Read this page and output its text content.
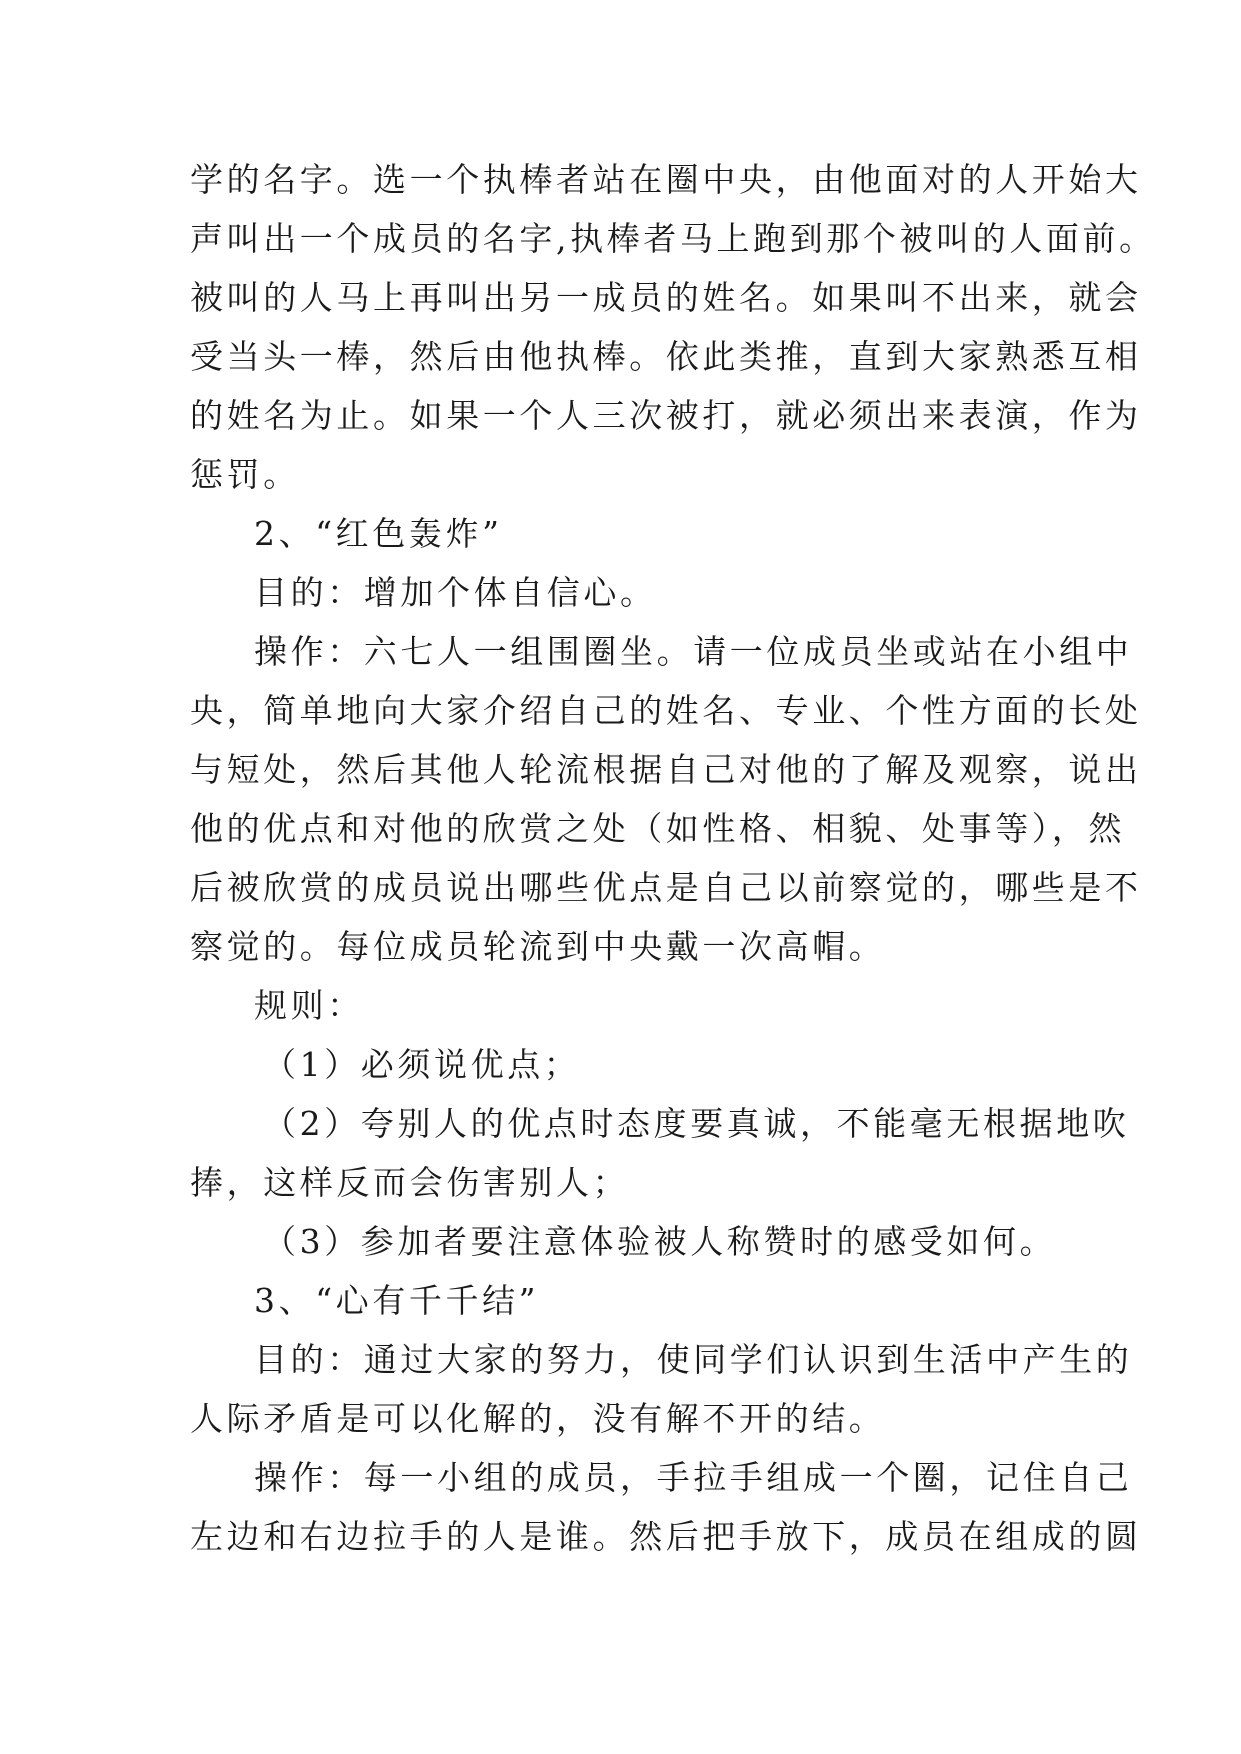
学的名字。选一个执棒者站在圈中央，由他面对的人开始大
声叫出一个成员的名字,执棒者马上跑到那个被叫的人面前。
被叫的人马上再叫出另一成员的姓名。如果叫不出来，就会
受当头一棒，然后由他执棒。依此类推，直到大家熟悉互相
的姓名为止。如果一个人三次被打，就必须出来表演，作为
惩罚。
2、“红色轰炸”
目的：增加个体自信心。
操作：六七人一组围圈坐。请一位成员坐或站在小组中
央，简单地向大家介绍自己的姓名、专业、个性方面的长处
与短处，然后其他人轮流根据自己对他的了解及观察，说出
他的优点和对他的欣赏之处（如性格、相貌、处事等），然
后被欣赏的成员说出哪些优点是自己以前察觉的，哪些是不
察觉的。每位成员轮流到中央戴一次高帽。
规则：
（1）必须说优点；
（2）夸别人的优点时态度要真诚，不能毫无根据地吹
捧，这样反而会伤害别人；
（3）参加者要注意体验被人称赞时的感受如何。
3、“心有千千结”
目的：通过大家的努力，使同学们认识到生活中产生的
人际矛盾是可以化解的，没有解不开的结。
操作：每一小组的成员，手拉手组成一个圈，记住自己
左边和右边拉手的人是谁。然后把手放下，成员在组成的圆
